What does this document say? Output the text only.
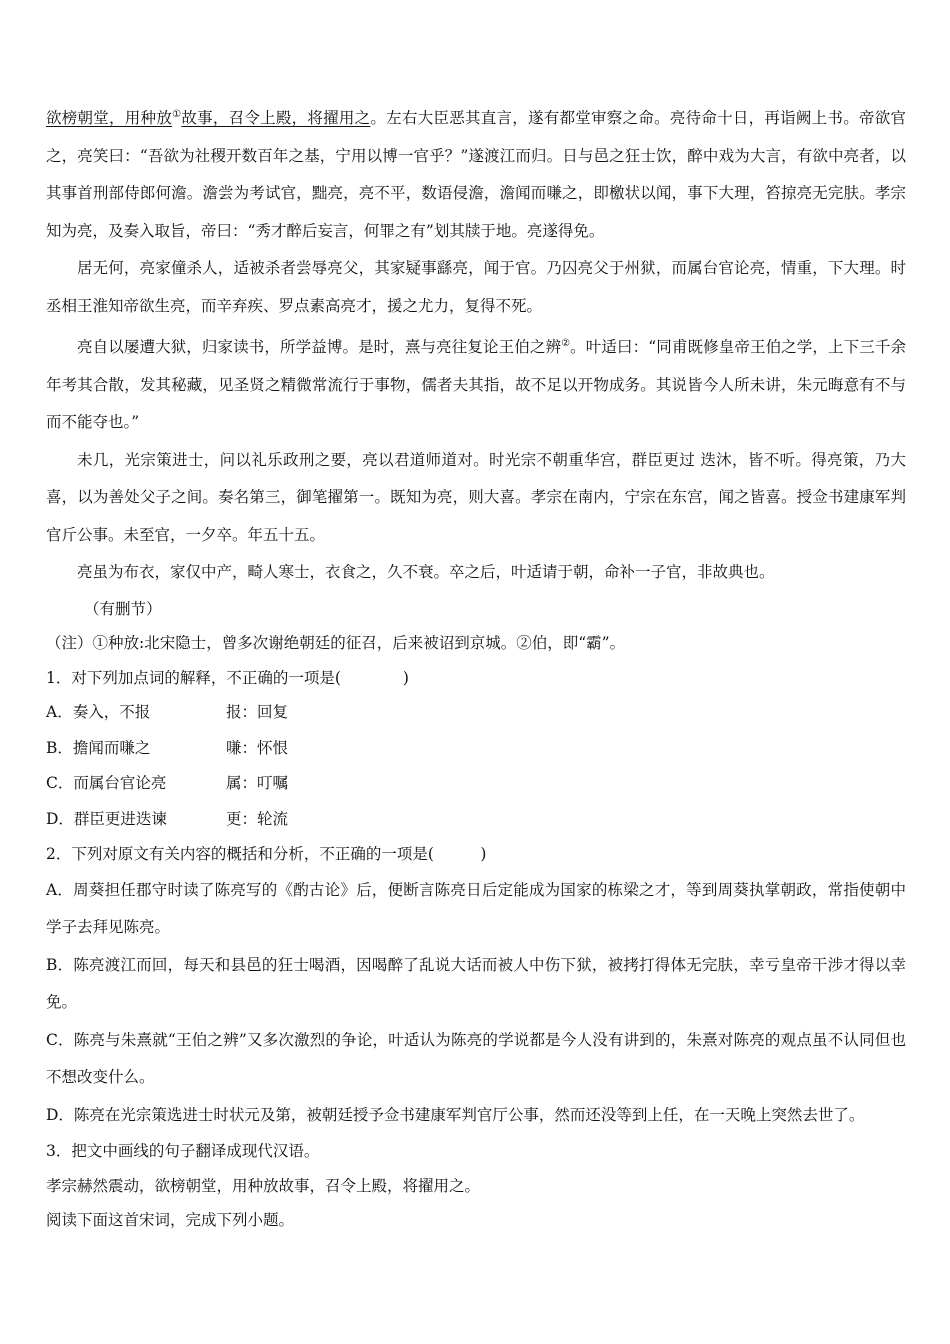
欲榜朝堂，用种放①故事，召令上殿，将擢用之。左右大臣恶其直言，遂有都堂审察之命。亮待命十日，再诣阙上书。帝欲官之，亮笑曰：“吾欲为社稷开数百年之基，宁用以博一官乎？”遂渡江而归。日与邑之狂士饮，醉中戏为大言，有欲中亮者，以其事首刑部侍郎何澹。澹尝为考试官，黜亮，亮不平，数语侵澹，澹闻而嗛之，即檄状以闻，事下大理，笞掠亮无完肤。孝宗知为亮，及奏入取旨，帝曰：“秀才醉后妄言，何罪之有”划其牍于地。亮遂得免。

居无何，亮家僮杀人，适被杀者尝辱亮父，其家疑事繇亮，闻于官。乃囚亮父于州狱，而属台官论亮，情重，下大理。时丞相王淮知帝欲生亮，而辛弃疾、罗点素高亮才，援之尤力，复得不死。

亮自以屡遭大狱，归家读书，所学益博。是时，熹与亮往复论王伯之辨②。叶适曰：“同甫既修皇帝王伯之学，上下三千余年考其合散，发其秘藏，见圣贤之精微常流行于事物，儒者夫其指，故不足以开物成务。其说皆今人所未讲，朱元晦意有不与而不能夺也。”

未几，光宗策进士，问以礼乐政刑之要，亮以君道师道对。时光宗不朝重华宫，群臣更过 迭沐，皆不听。得亮策，乃大喜，以为善处父子之间。奏名第三，御笔擢第一。既知为亮，则大喜。孝宗在南内，宁宗在东宫，闻之皆喜。授佥书建康军判官斤公事。未至官，一夕卒。年五十五。

亮虽为布衣，家仅中产，畸人寒士，衣食之，久不衰。卒之后，叶适请于朝，命补一子官，非故典也。

（有删节）

（注）①种放:北宋隐士，曾多次谢绝朝廷的征召，后来被诏到京城。②伯，即“霸”。

1．对下列加点词的解释，不正确的一项是(　　　　)

A．奏入，不报	报：回复
B．擔闻而嗛之	嗛：怀恨
C．而属台官论亮	属：叮嘱
D．群臣更进迭谏	更：轮流

2．下列对原文有关内容的概括和分析，不正确的一项是(　　　)

A．周葵担任郡守时读了陈亮写的《酌古论》后，便断言陈亮日后定能成为国家的栋梁之才，等到周葵执掌朝政，常指使朝中学子去拜见陈亮。

B．陈亮渡江而回，每天和县邑的狂士喝酒，因喝醉了乱说大话而被人中伤下狱，被拷打得体无完肤，幸亏皇帝干涉才得以幸免。

C．陈亮与朱熹就“王伯之辨”又多次激烈的争论，叶适认为陈亮的学说都是今人没有讲到的，朱熹对陈亮的观点虽不认同但也不想改变什么。

D．陈亮在光宗策选进士时状元及第，被朝廷授予佥书建康军判官厅公事，然而还没等到上任，在一天晚上突然去世了。

3．把文中画线的句子翻译成现代汉语。

孝宗赫然震动，欲榜朝堂，用种放故事，召令上殿，将擢用之。

阅读下面这首宋词，完成下列小题。
